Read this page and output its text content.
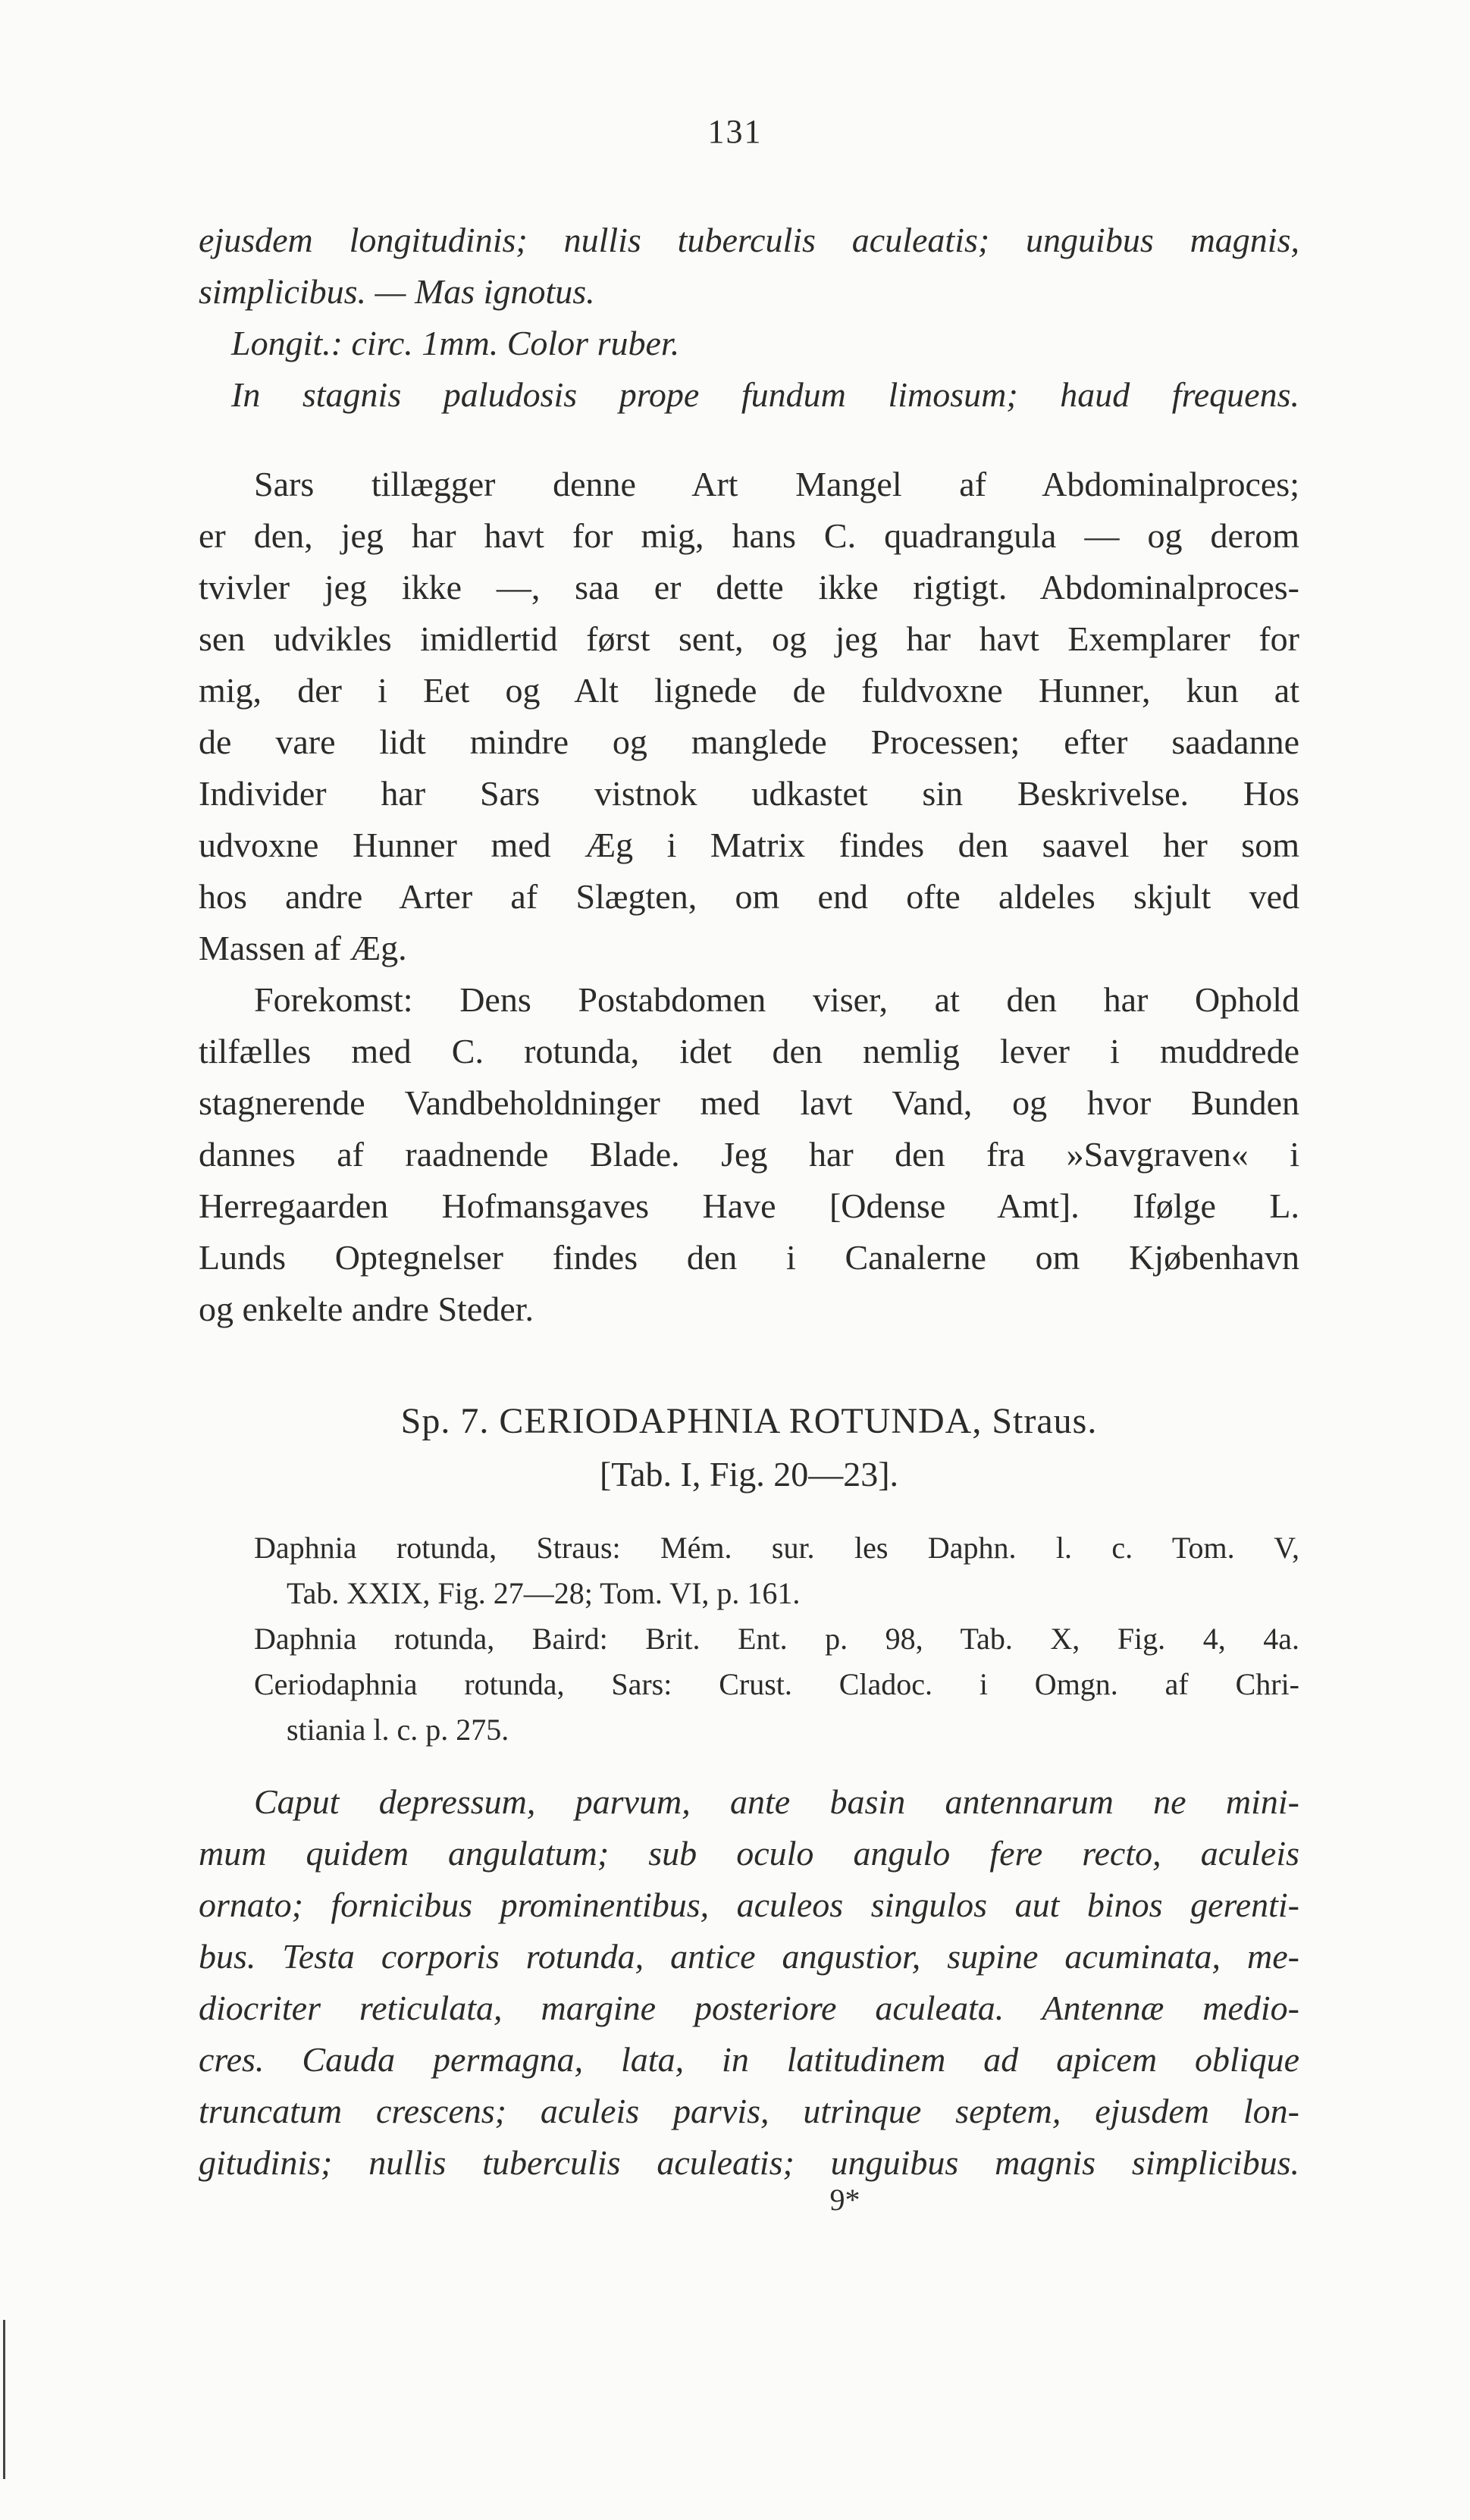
131
ejusdem longitudinis; nullis tuberculis aculeatis; unguibus magnis,
simplicibus. — Mas ignotus.
Longit.: circ. 1mm. Color ruber.
In stagnis paludosis prope fundum limosum; haud frequens.
Sars tillægger denne Art Mangel af Abdominalproces;
er den, jeg har havt for mig, hans C. quadrangula — og derom
tvivler jeg ikke —, saa er dette ikke rigtigt. Abdominalproces-
sen udvikles imidlertid først sent, og jeg har havt Exemplarer for
mig, der i Eet og Alt lignede de fuldvoxne Hunner, kun at
de vare lidt mindre og manglede Processen; efter saadanne
Individer har Sars vistnok udkastet sin Beskrivelse. Hos
udvoxne Hunner med Æg i Matrix findes den saavel her som
hos andre Arter af Slægten, om end ofte aldeles skjult ved
Massen af Æg.
Forekomst: Dens Postabdomen viser, at den har Ophold
tilfælles med C. rotunda, idet den nemlig lever i muddrede
stagnerende Vandbeholdninger med lavt Vand, og hvor Bunden
dannes af raadnende Blade. Jeg har den fra »Savgraven« i
Herregaarden Hofmansgaves Have [Odense Amt]. Ifølge L.
Lunds Optegnelser findes den i Canalerne om Kjøbenhavn
og enkelte andre Steder.
Sp. 7. CERIODAPHNIA ROTUNDA, Straus.
[Tab. I, Fig. 20—23].
Daphnia rotunda, Straus: Mém. sur. les Daphn. l. c. Tom. V,
Tab. XXIX, Fig. 27—28; Tom. VI, p. 161.
Daphnia rotunda, Baird: Brit. Ent. p. 98, Tab. X, Fig. 4, 4a.
Ceriodaphnia rotunda, Sars: Crust. Cladoc. i Omgn. af Chri-
stiania l. c. p. 275.
Caput depressum, parvum, ante basin antennarum ne mini-
mum quidem angulatum; sub oculo angulo fere recto, aculeis
ornato; fornicibus prominentibus, aculeos singulos aut binos gerenti-
bus. Testa corporis rotunda, antice angustior, supine acuminata, me-
diocriter reticulata, margine posteriore aculeata. Antennæ medio-
cres. Cauda permagna, lata, in latitudinem ad apicem oblique
truncatum crescens; aculeis parvis, utrinque septem, ejusdem lon-
gitudinis; nullis tuberculis aculeatis; unguibus magnis simplicibus.
9*
